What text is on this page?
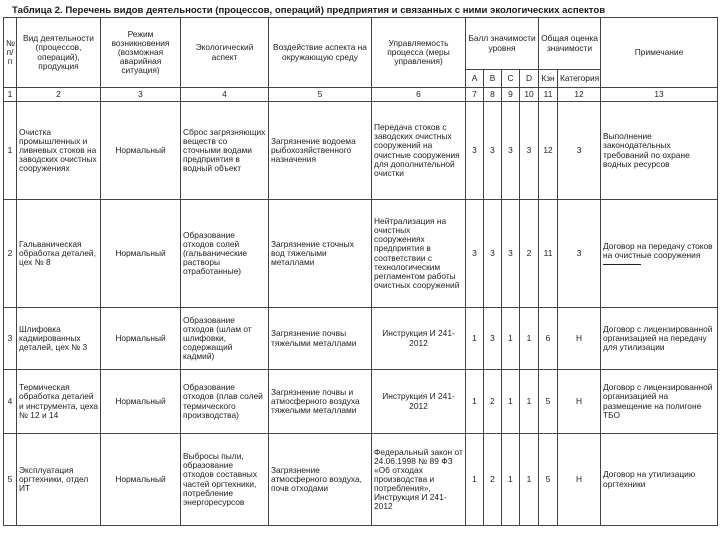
Таблица 2. Перечень видов деятельности (процессов, операций) предприятия и связанных с ними экологических аспектов
№ п/п	Вид деятельности (процессов, операций), продукция	Режим возникновения (возможная аварийная ситуация)	Экологический аспект	Воздействие аспекта на окружающую среду	Управляемость процесса (меры управления)	Балл значимости уровня				Общая оценка значимости		Примечание
						A	B	C	D	Кзн	Категория	
1	2	3	4	5	6	7	8	9	10	11	12	13
1	Очистка промышленных и ливневых стоков на заводских очистных сооружениях	Нормальный	Сброс загрязняющих веществ со сточными водами предприятия в водный объект	Загрязнение водоема рыбохозяйственного назначения	Передача стоков с заводских очистных сооружений на очистные сооружения для дополнительной очистки	3	3	3	3	12	3	Выполнение законодательных требований по охране водных ресурсов
2	Гальваническая обработка деталей, цех № 8	Нормальный	Образование отходов солей (гальванические растворы отработанные)	Загрязнение сточных вод тяжелыми металлами	Нейтрализация на очистных сооружениях предприятия в соответствии с технологическим регламентом работы очистных сооружений	3	3	3	2	11	3	Договор на передачу стоков на очистные сооружения

3	Шлифовка кадмированных деталей, цех № 3	Нормальный	Образование отходов (шлам от шлифовки, содержащий кадмий)	Загрязнение почвы тяжелыми металлами	Инструкция И 241-2012	1	3	1	1	6	Н	Договор с лицензированной организацией на передачу для утилизации
4	Термическая обработка деталей и инструмента, цеха № 12 и 14	Нормальный	Образование отходов (плав солей термического производства)	Загрязнение почвы и атмосферного воздуха тяжелыми металлами	Инструкция И 241-2012	1	2	1	1	5	Н	Договор с лицензированной организацией на размещение на полигоне ТБО
5	Эксплуатация оргтехники, отдел ИТ	Нормальный	Выбросы пыли, образование отходов составных частей оргтехники, потребление энергоресурсов	Загрязнение атмосферного воздуха, почв отходами	Федеральный закон от 24.06.1998 № 89 ФЗ «Об отходах производства и потребления», Инструкция И 241-2012	1	2	1	1	5	Н	Договор на утилизацию оргтехники
